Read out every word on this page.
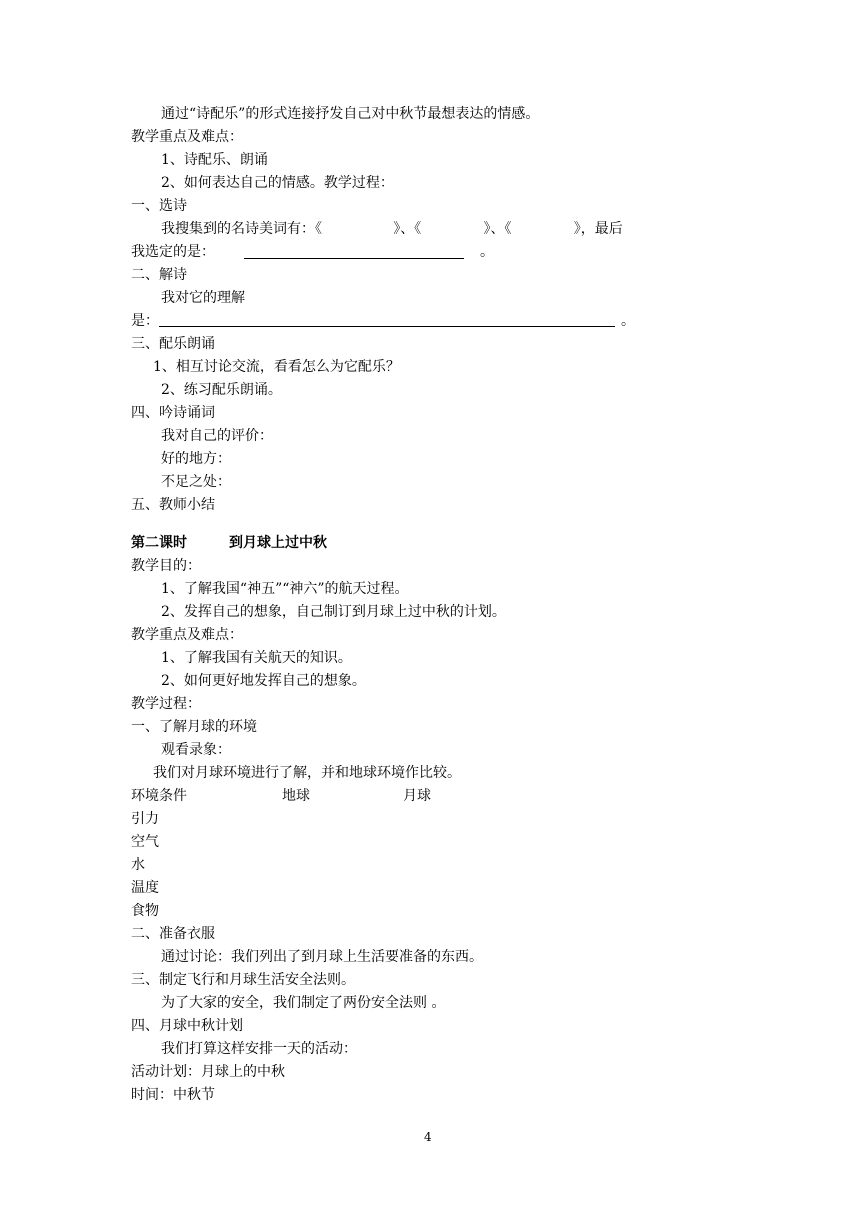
通过“诗配乐”的形式连接抒发自己对中秋节最想表达的情感。
教学重点及难点：
1、诗配乐、朗诵
2、如何表达自己的情感。教学过程：
一、选诗
我搜集到的名诗美词有：《                》、《              》、《              》，最后
我选定的是：	。
二、解诗
我对它的理解
是：	。
三、配乐朗诵
1、相互讨论交流，看看怎么为它配乐？
2、练习配乐朗诵。
四、吟诗诵词
我对自己的评价：
好的地方：
不足之处：
五、教师小结
第二课时	到月球上过中秋
教学目的：
1、了解我国“神五”“神六”的航天过程。
2、发挥自己的想象，自己制订到月球上过中秋的计划。
教学重点及难点：
1、了解我国有关航天的知识。
2、如何更好地发挥自己的想象。
教学过程：
一、了解月球的环境
观看录象：
我们对月球环境进行了解，并和地球环境作比较。
环境条件	地球	月球
引力
空气
水
温度
食物
二、准备衣服
通过讨论：我们列出了到月球上生活要准备的东西。
三、制定飞行和月球生活安全法则。
为了大家的安全，我们制定了两份安全法则 。
四、月球中秋计划
我们打算这样安排一天的活动：
活动计划：月球上的中秋
时间：中秋节
4
